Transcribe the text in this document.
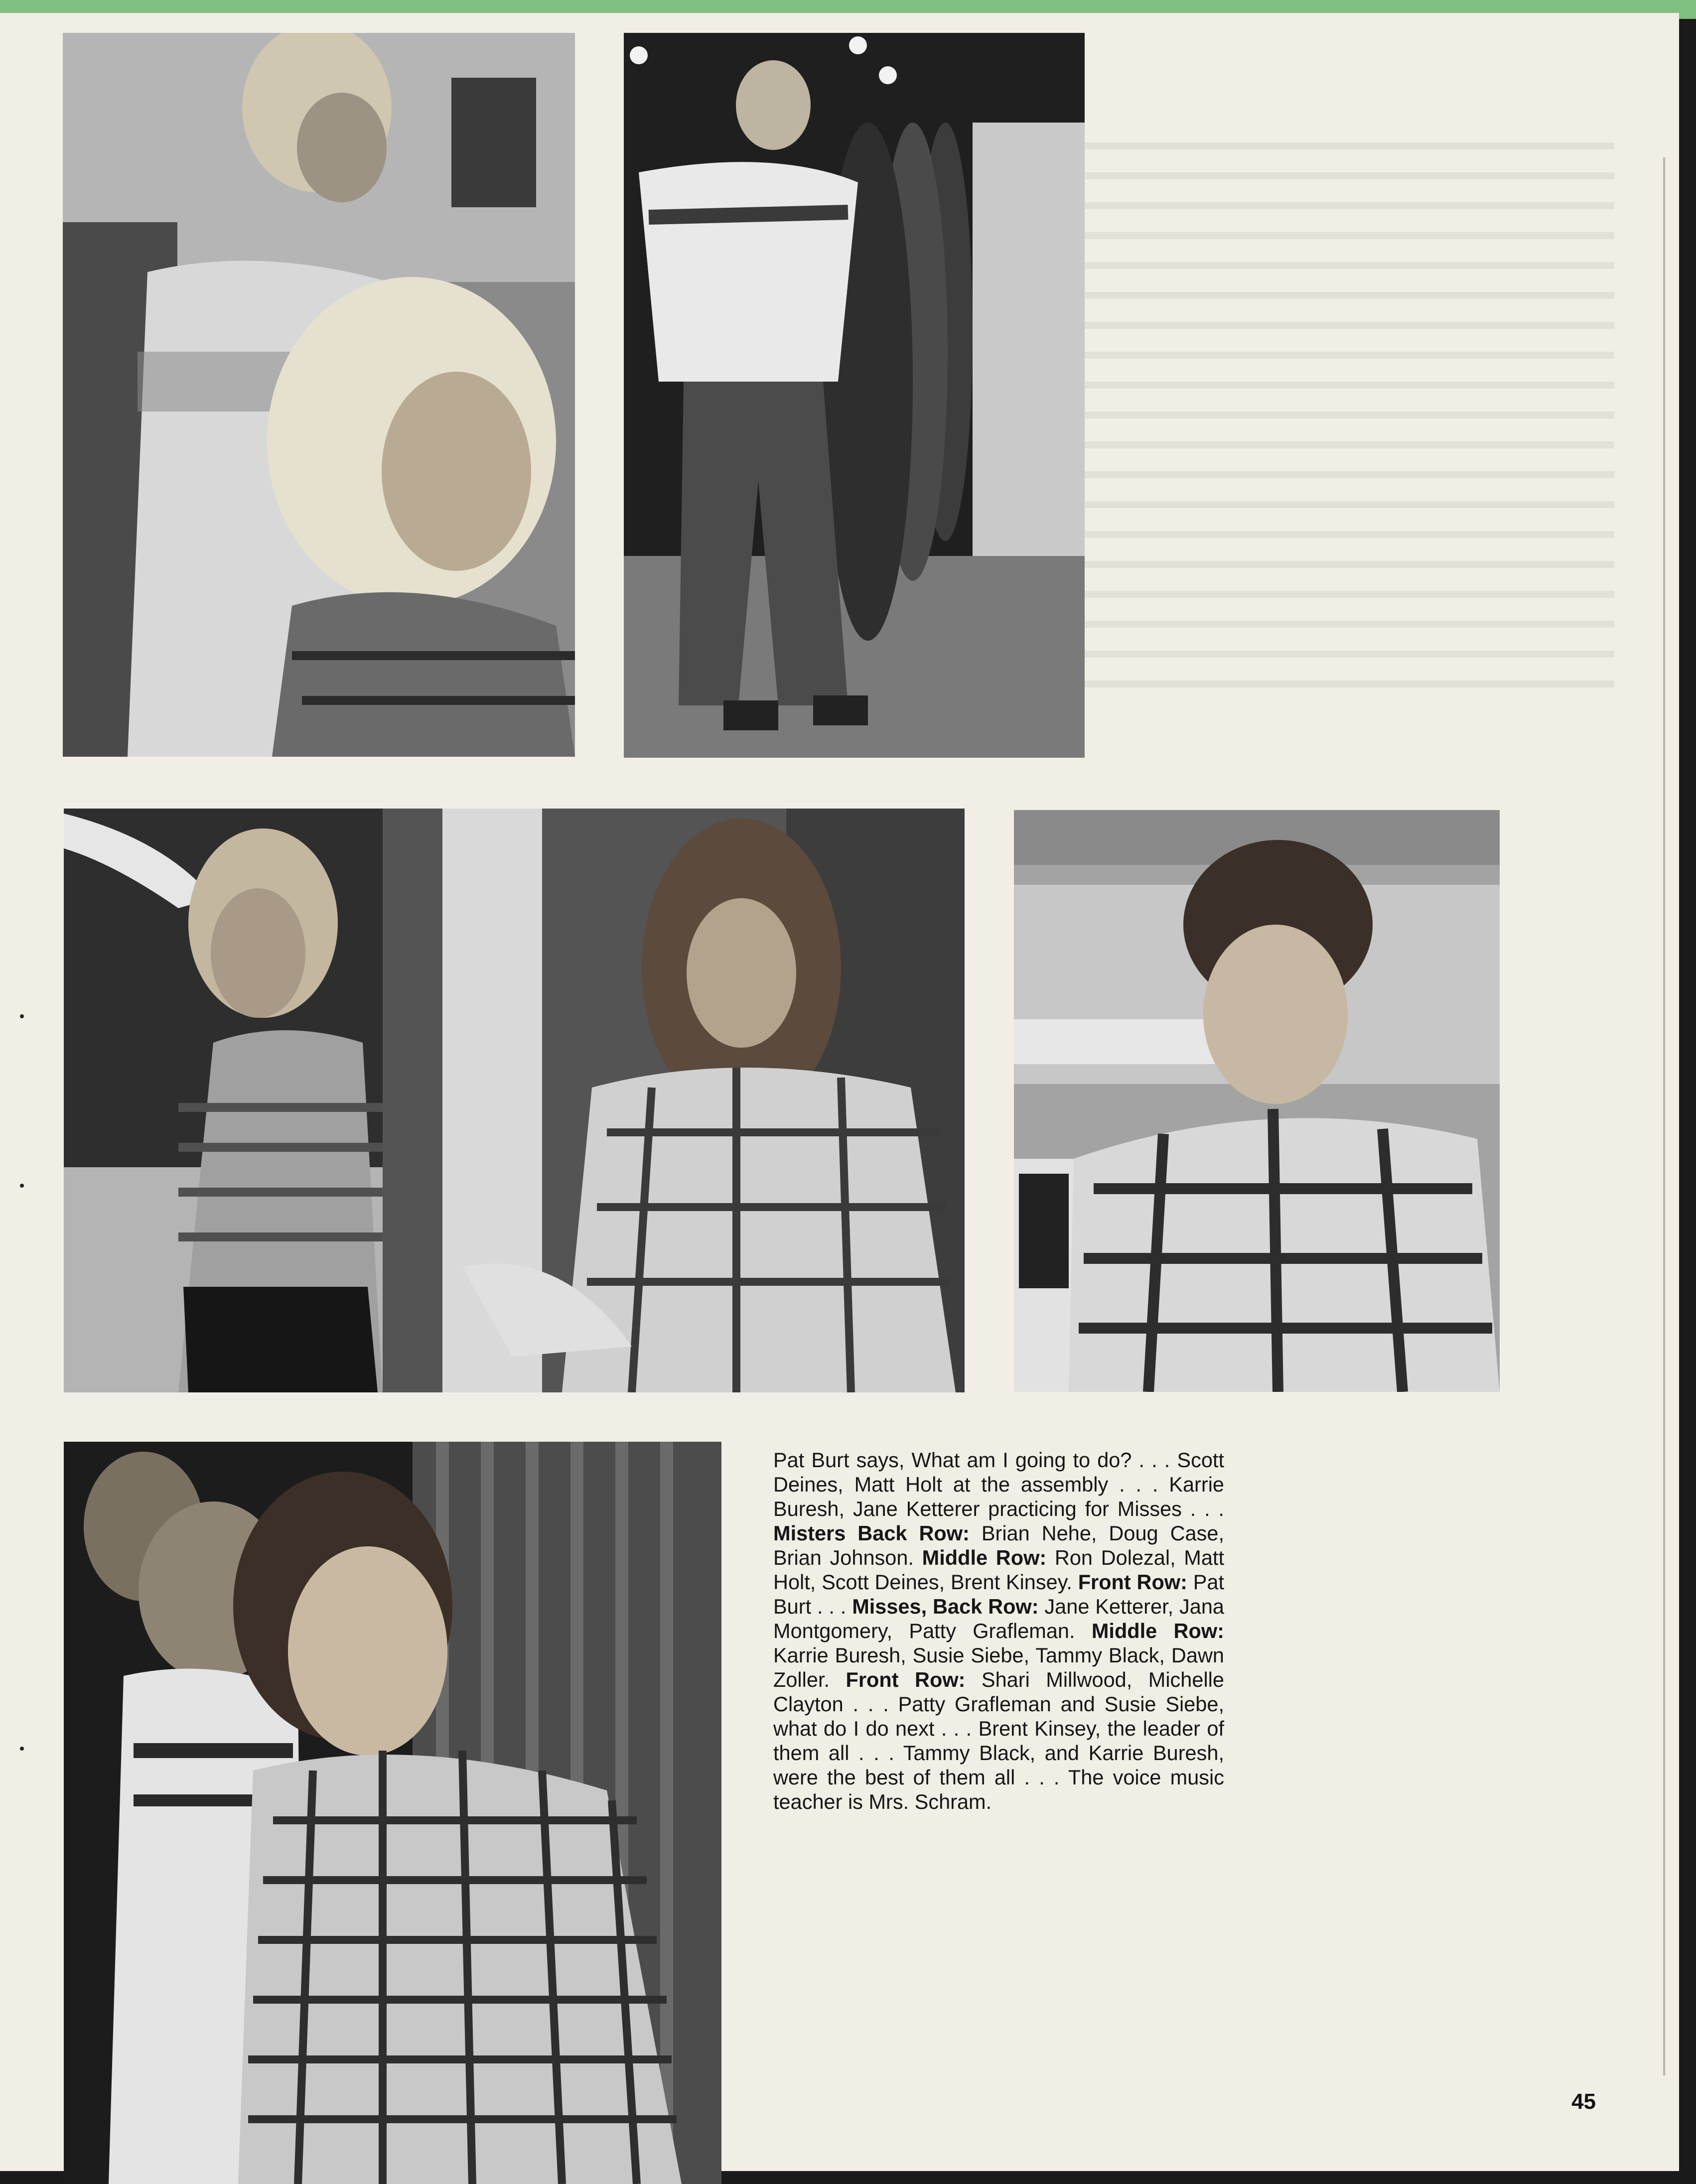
Pat Burt says, What am I going to do? . . . Scott Deines, Matt Holt at the assembly . . . Karrie Buresh, Jane Ketterer practicing for Misses . . . Misters Back Row: Brian Nehe, Doug Case, Brian Johnson. Middle Row: Ron Dolezal, Matt Holt, Scott Deines, Brent Kinsey. Front Row: Pat Burt . . . Misses, Back Row: Jane Ketterer, Jana Montgomery, Patty Grafleman. Middle Row: Karrie Buresh, Susie Siebe, Tammy Black, Dawn Zoller. Front Row: Shari Millwood, Michelle Clayton . . . Patty Grafleman and Susie Siebe, what do I do next . . . Brent Kinsey, the leader of them all . . . Tammy Black, and Karrie Buresh, were the best of them all . . . The voice music teacher is Mrs. Schram.

45
